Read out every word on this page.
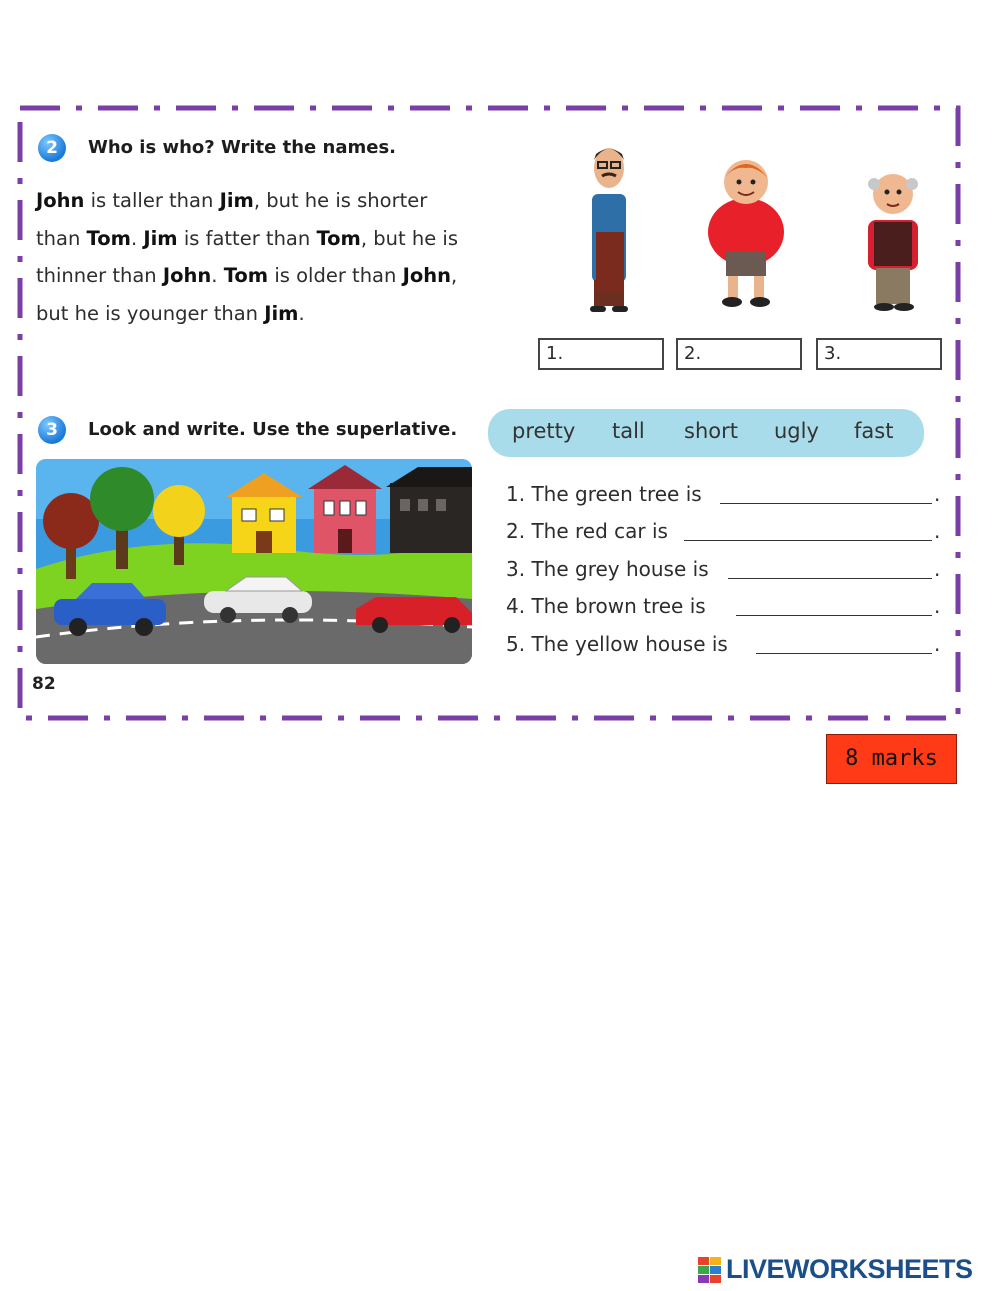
2	Who is who? Write the names.
John is taller than Jim, but he is shorter
than Tom. Jim is fatter than Tom, but he is
thinner than John. Tom is older than John,
but he is younger than Jim.
1.	2.	3.
3	Look and write. Use the superlative.	pretty tall short ugly fast
1. The green tree is	.
2. The red car is	.
3. The grey house is	.
4. The brown tree is	.
5. The yellow house is	.
82
8 marks
LIVEWORKSHEETS
